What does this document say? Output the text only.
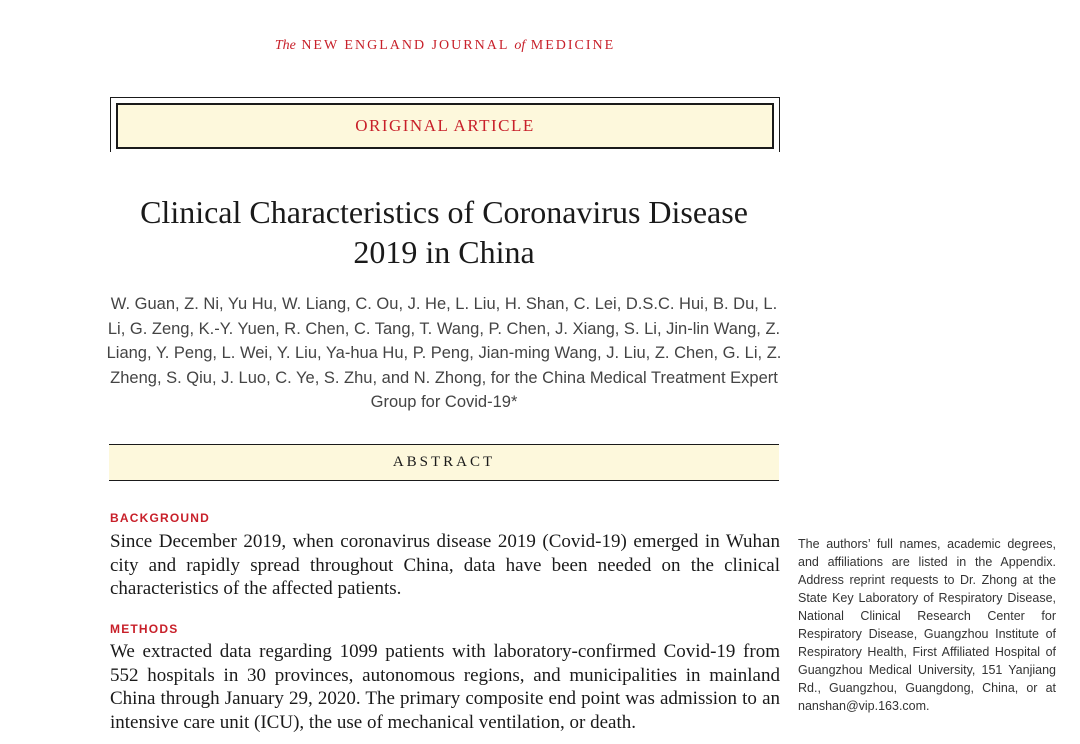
The NEW ENGLAND JOURNAL of MEDICINE
ORIGINAL ARTICLE
Clinical Characteristics of Coronavirus Disease 2019 in China
W. Guan, Z. Ni, Yu Hu, W. Liang, C. Ou, J. He, L. Liu, H. Shan, C. Lei, D.S.C. Hui, B. Du, L. Li, G. Zeng, K.-Y. Yuen, R. Chen, C. Tang, T. Wang, P. Chen, J. Xiang, S. Li, Jin-lin Wang, Z. Liang, Y. Peng, L. Wei, Y. Liu, Ya-hua Hu, P. Peng, Jian-ming Wang, J. Liu, Z. Chen, G. Li, Z. Zheng, S. Qiu, J. Luo, C. Ye, S. Zhu, and N. Zhong, for the China Medical Treatment Expert Group for Covid-19*
ABSTRACT
BACKGROUND
Since December 2019, when coronavirus disease 2019 (Covid-19) emerged in Wuhan city and rapidly spread throughout China, data have been needed on the clinical characteristics of the affected patients.
METHODS
We extracted data regarding 1099 patients with laboratory-confirmed Covid-19 from 552 hospitals in 30 provinces, autonomous regions, and municipalities in mainland China through January 29, 2020. The primary composite end point was admission to an intensive care unit (ICU), the use of mechanical ventilation, or death.
The authors’ full names, academic degrees, and affiliations are listed in the Appendix. Address reprint requests to Dr. Zhong at the State Key Laboratory of Respiratory Disease, National Clinical Research Center for Respiratory Disease, Guangzhou Institute of Respiratory Health, First Affiliated Hospital of Guangzhou Medical University, 151 Yanjiang Rd., Guangzhou, Guangdong, China, or at nanshan@vip.163.com.
